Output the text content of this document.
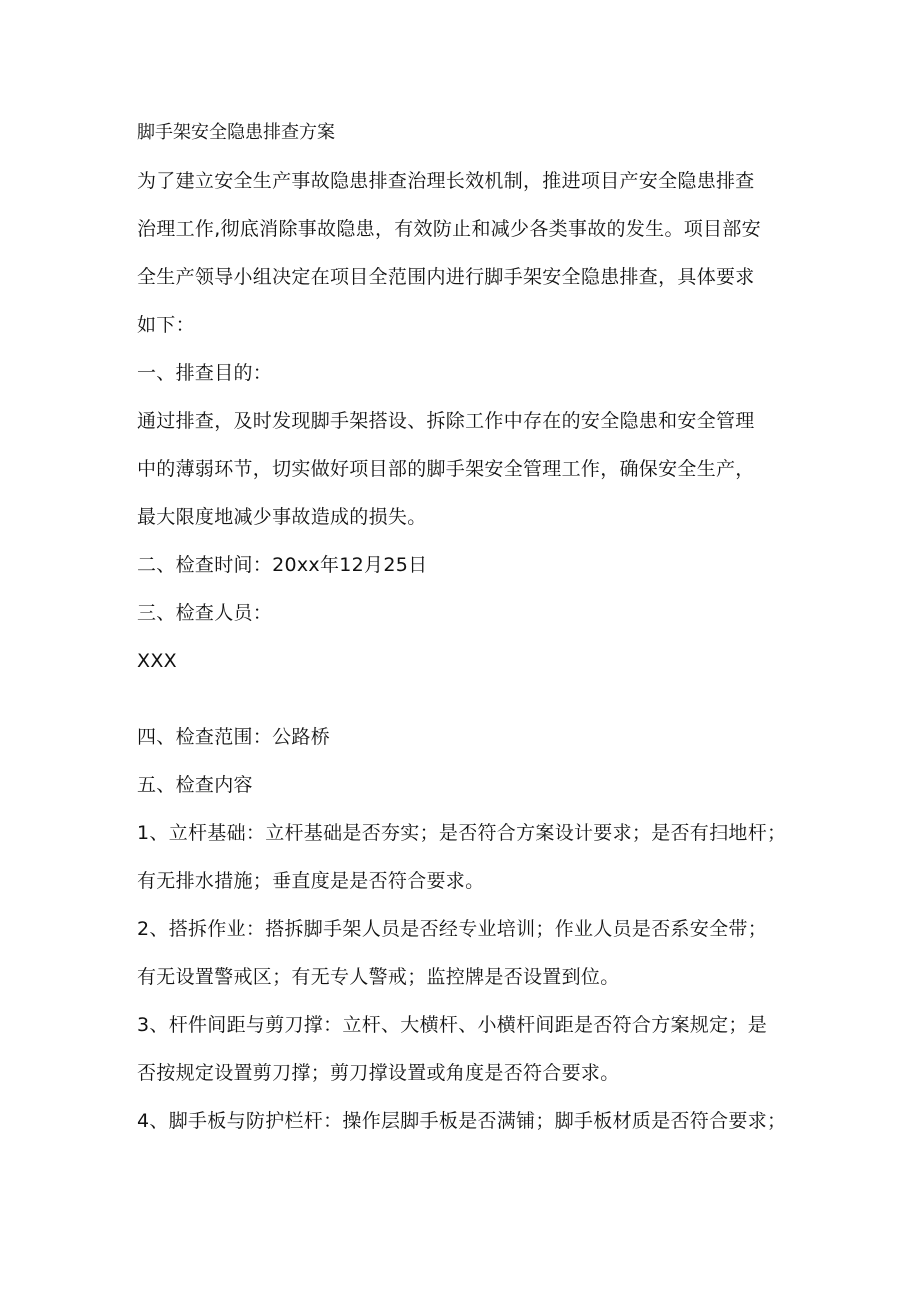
脚手架安全隐患排查方案
为了建立安全生产事故隐患排查治理长效机制，推进项目产安全隐患排查
治理工作,彻底消除事故隐患，有效防止和减少各类事故的发生。项目部安
全生产领导小组决定在项目全范围内进行脚手架安全隐患排查，具体要求
如下：
一、排查目的：
通过排查，及时发现脚手架搭设、拆除工作中存在的安全隐患和安全管理
中的薄弱环节，切实做好项目部的脚手架安全管理工作，确保安全生产，
最大限度地减少事故造成的损失。
二、检查时间：20xx年12月25日
三、检查人员：
XXX
四、检查范围：公路桥
五、检查内容
1、立杆基础：立杆基础是否夯实；是否符合方案设计要求；是否有扫地杆；
有无排水措施；垂直度是是否符合要求。
2、搭拆作业：搭拆脚手架人员是否经专业培训；作业人员是否系安全带；
有无设置警戒区；有无专人警戒；监控牌是否设置到位。
3、杆件间距与剪刀撑：立杆、大横杆、小横杆间距是否符合方案规定；是
否按规定设置剪刀撑；剪刀撑设置或角度是否符合要求。
4、脚手板与防护栏杆：操作层脚手板是否满铺；脚手板材质是否符合要求；
